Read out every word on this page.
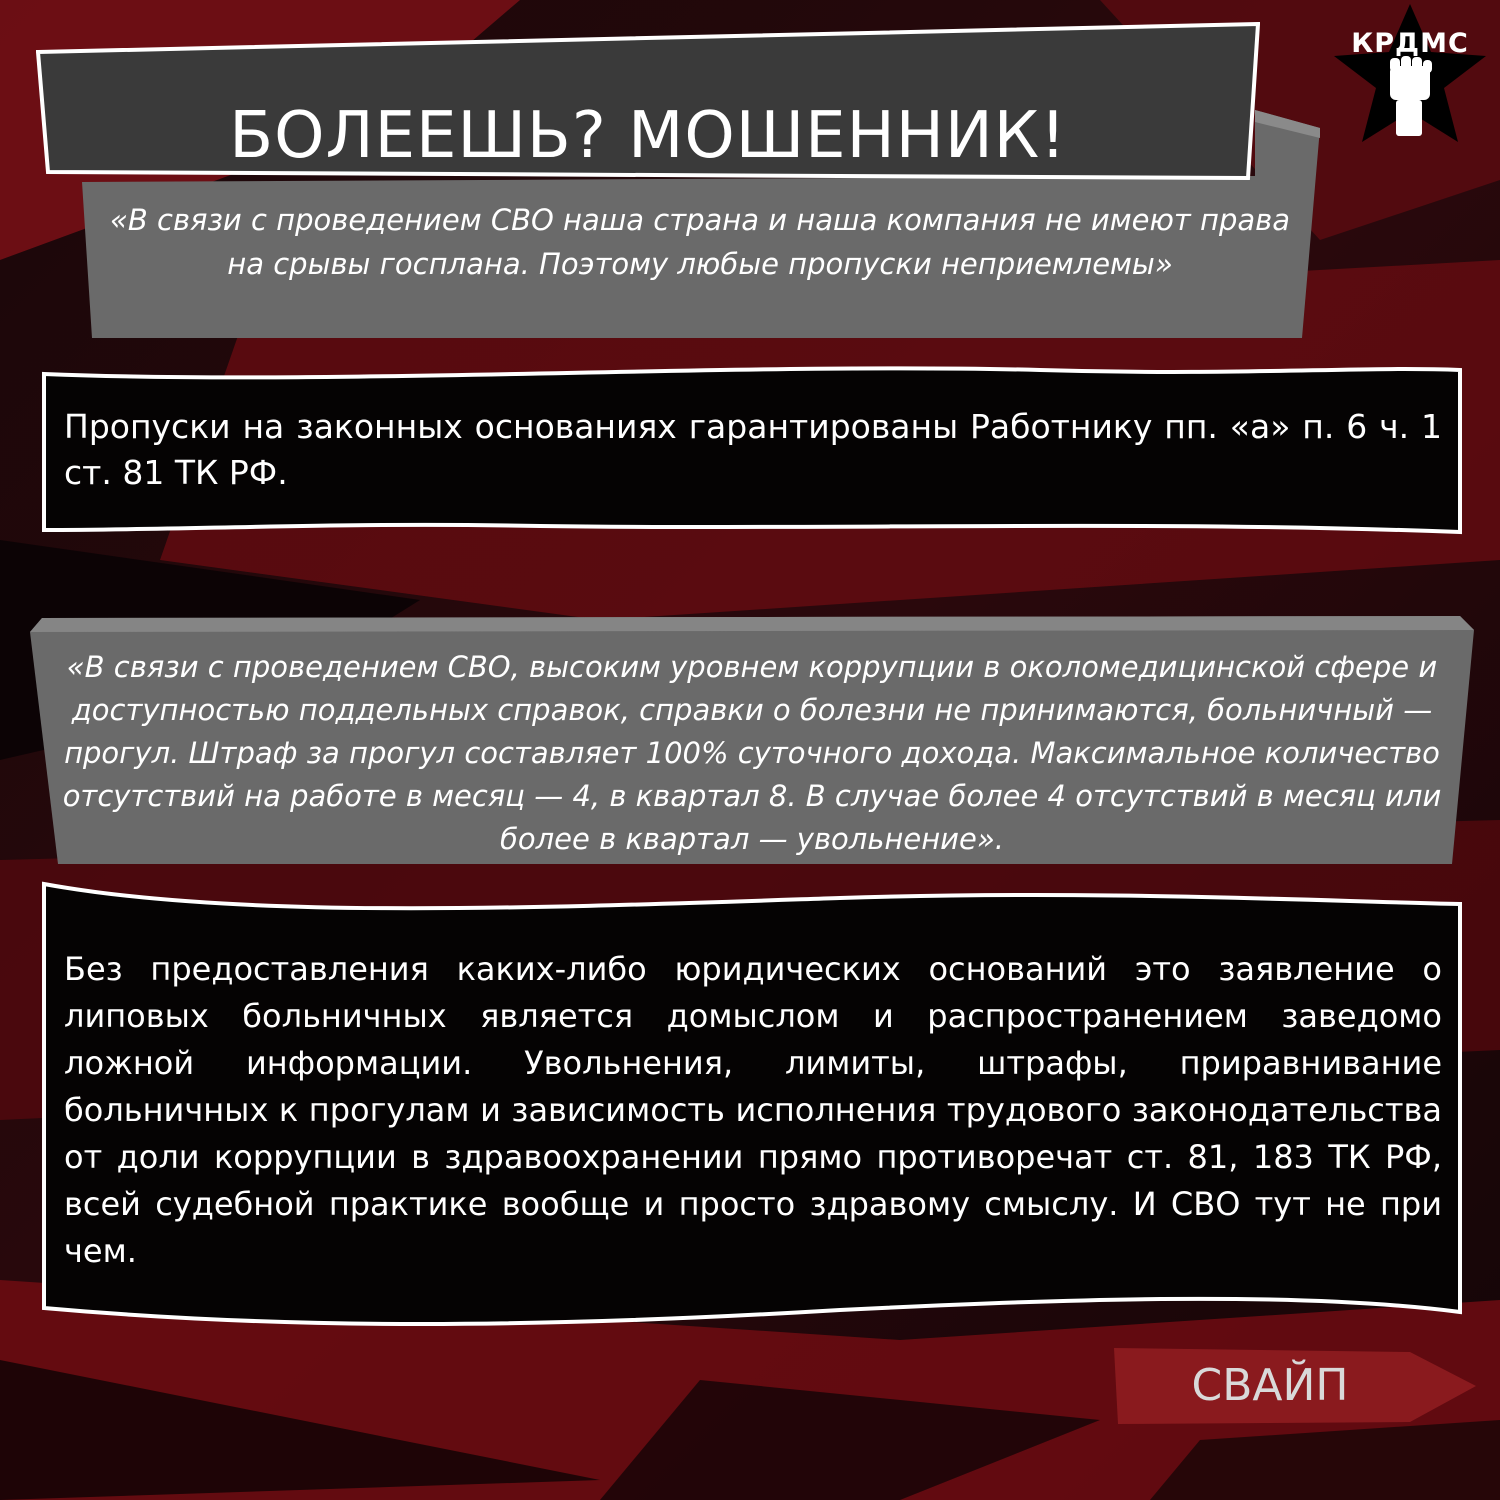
КРДМС
БОЛЕЕШЬ? МОШЕННИК!
«В связи с проведением СВО наша страна и наша компания не имеют права на срывы госплана. Поэтому любые пропуски неприемлемы»
Пропуски на законных основаниях гарантированы Работнику пп. «а» п. 6 ч. 1 ст. 81 ТК РФ.
«В связи с проведением СВО, высоким уровнем коррупции в околомедицинской сфере и доступностью поддельных справок, справки о болезни не принимаются, больничный — прогул. Штраф за прогул составляет 100% суточного дохода. Максимальное количество отсутствий на работе в месяц — 4, в квартал 8. В случае более 4 отсутствий в месяц или более в квартал — увольнение».
Без предоставления каких-либо юридических оснований это заявление о липовых больничных является домыслом и распространением заведомо ложной информации. Увольнения, лимиты, штрафы, приравнивание больничных к прогулам и зависимость исполнения трудового законодательства от доли коррупции в здравоохранении прямо противоречат ст. 81, 183 ТК РФ, всей судебной практике вообще и просто здравому смыслу. И СВО тут не при чем.
СВАЙП
